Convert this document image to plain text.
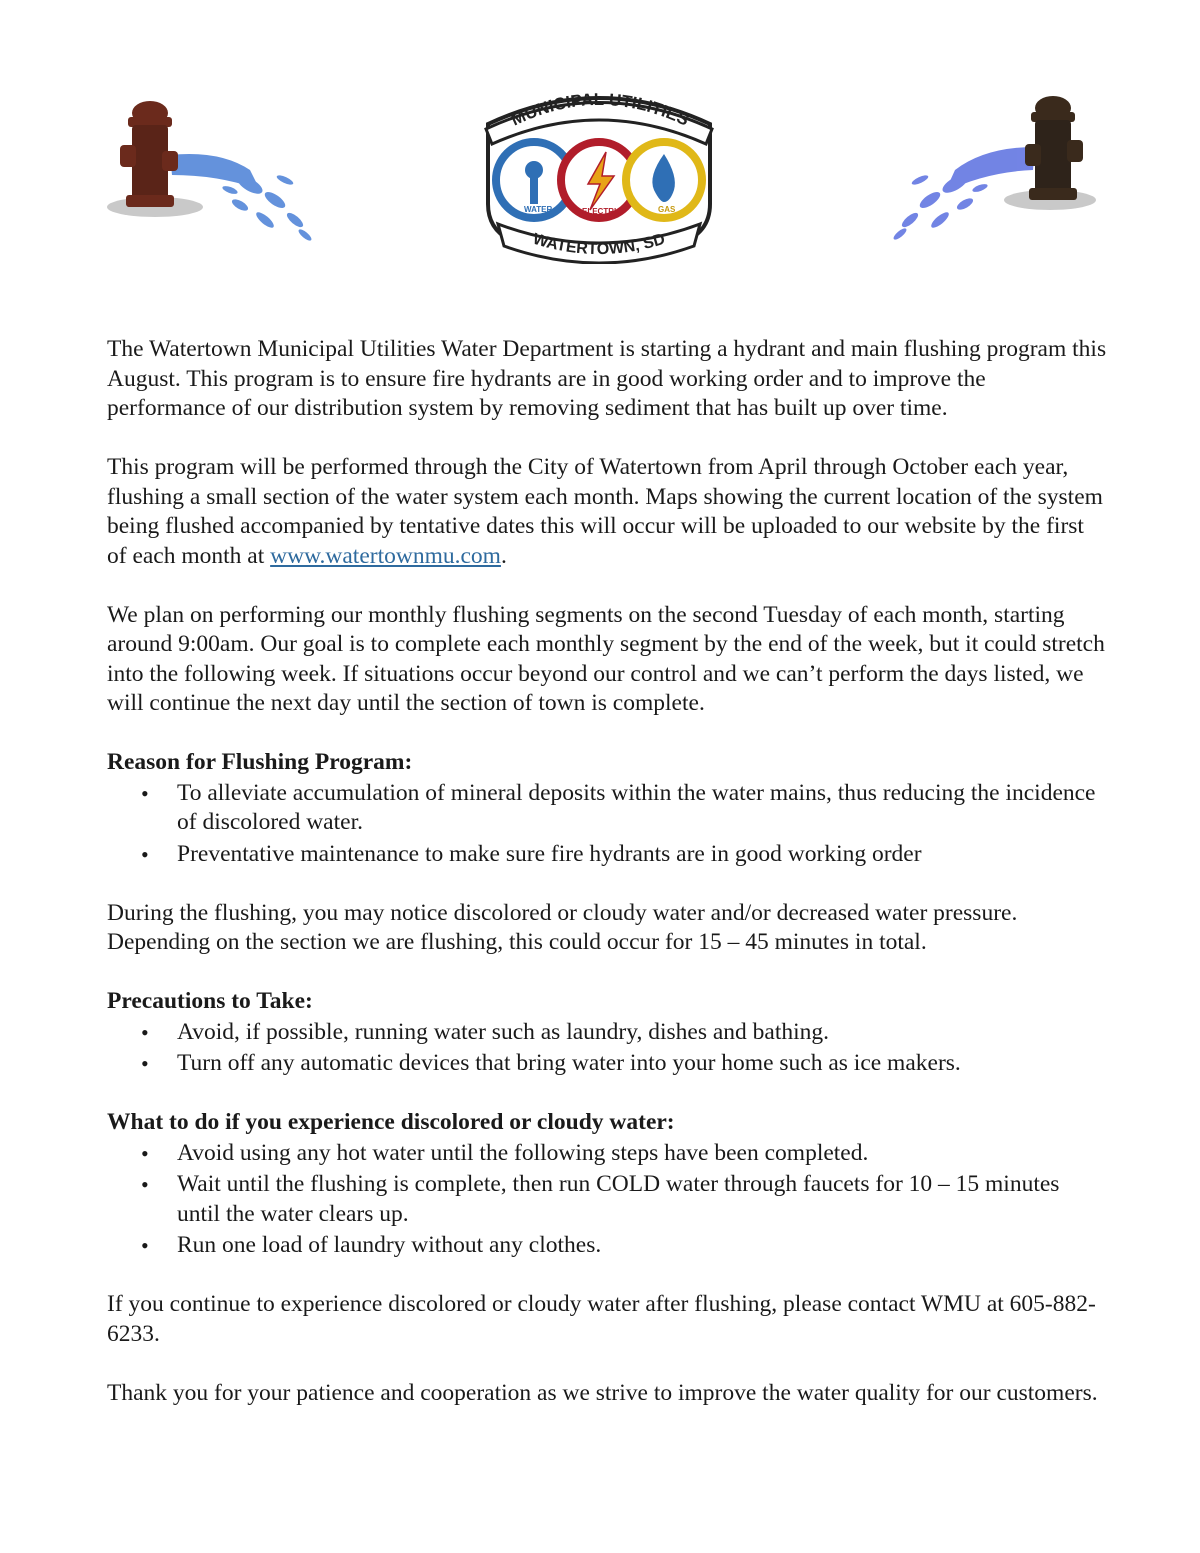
MUNICIPAL UTILITIES
WATERTOWN, SD
WATER	ELECTRIC	GAS

The Watertown Municipal Utilities Water Department is starting a hydrant and main flushing program this August. This program is to ensure fire hydrants are in good working order and to improve the performance of our distribution system by removing sediment that has built up over time.

This program will be performed through the City of Watertown from April through October each year, flushing a small section of the water system each month. Maps showing the current location of the system being flushed accompanied by tentative dates this will occur will be uploaded to our website by the first of each month at www.watertownmu.com.

We plan on performing our monthly flushing segments on the second Tuesday of each month, starting around 9:00am. Our goal is to complete each monthly segment by the end of the week, but it could stretch into the following week. If situations occur beyond our control and we can’t perform the days listed, we will continue the next day until the section of town is complete.

Reason for Flushing Program:
• To alleviate accumulation of mineral deposits within the water mains, thus reducing the incidence of discolored water.
• Preventative maintenance to make sure fire hydrants are in good working order

During the flushing, you may notice discolored or cloudy water and/or decreased water pressure. Depending on the section we are flushing, this could occur for 15 – 45 minutes in total.

Precautions to Take:
• Avoid, if possible, running water such as laundry, dishes and bathing.
• Turn off any automatic devices that bring water into your home such as ice makers.
What to do if you experience discolored or cloudy water:
• Avoid using any hot water until the following steps have been completed.
• Wait until the flushing is complete, then run COLD water through faucets for 10 – 15 minutes until the water clears up.
• Run one load of laundry without any clothes.

If you continue to experience discolored or cloudy water after flushing, please contact WMU at 605-882-6233.

Thank you for your patience and cooperation as we strive to improve the water quality for our customers.
